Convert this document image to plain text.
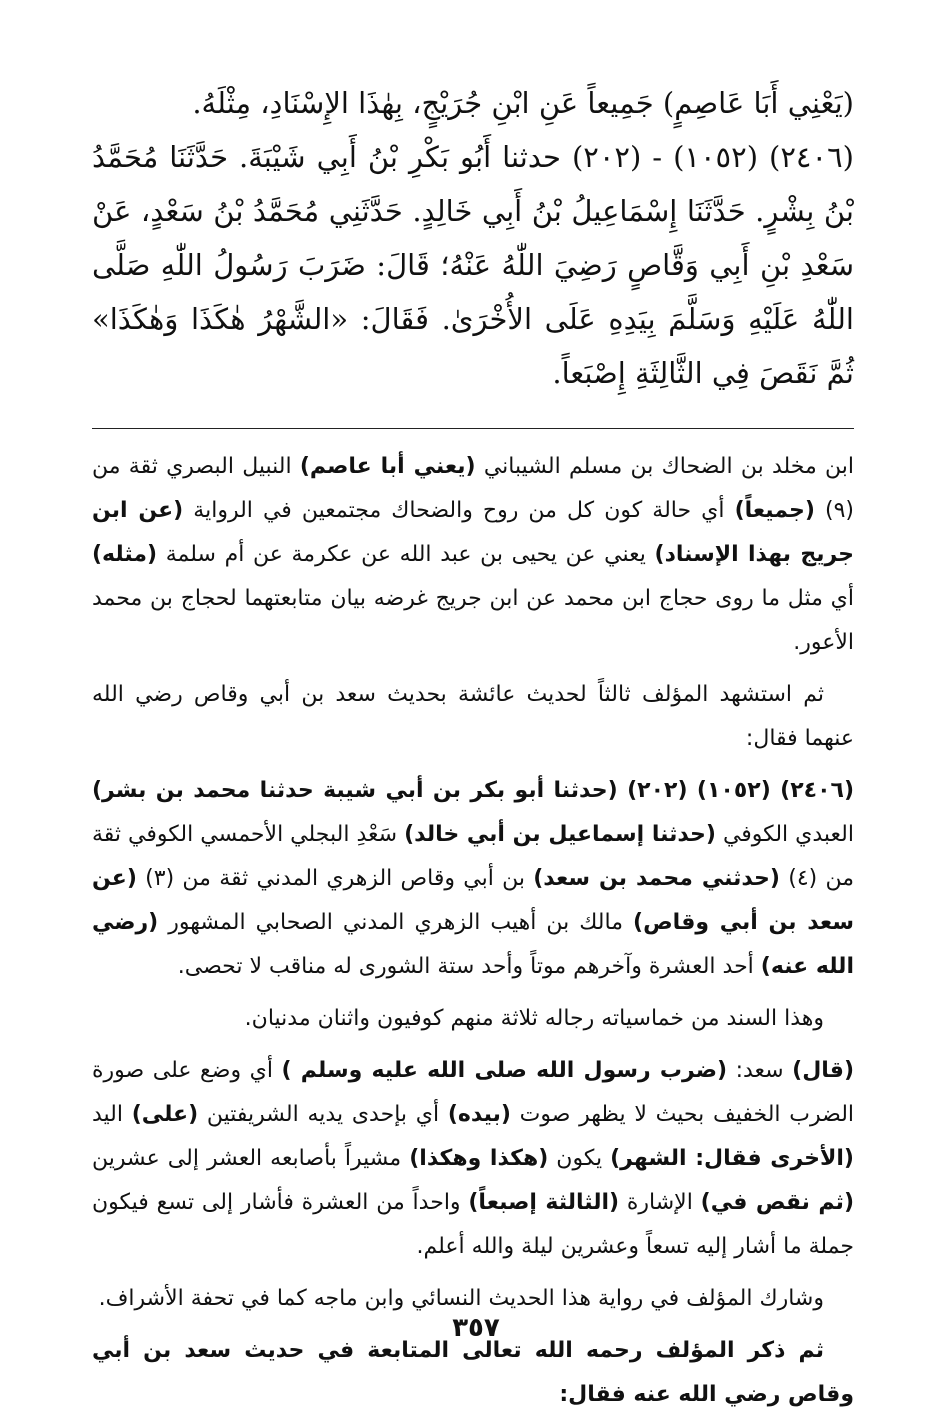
(يَعْنِي أَبَا عَاصِمٍ) جَمِيعاً عَنِ ابْنِ جُرَيْجٍ، بِهٰذَا الإِسْنَادِ، مِثْلَهُ.

(٢٤٠٦) (١٠٥٢) - (٢٠٢) حدثنا أَبُو بَكْرِ بْنُ أَبِي شَيْبَةَ. حَدَّثَنَا مُحَمَّدُ بْنُ بِشْرٍ. حَدَّثَنَا إِسْمَاعِيلُ بْنُ أَبِي خَالِدٍ. حَدَّثَنِي مُحَمَّدُ بْنُ سَعْدٍ، عَنْ سَعْدِ بْنِ أَبِي وَقَّاصٍ رَضِيَ اللّٰهُ عَنْهُ؛ قَالَ: ضَرَبَ رَسُولُ اللّٰهِ صَلَّى اللّٰهُ عَلَيْهِ وَسَلَّمَ بِيَدِهِ عَلَى الأُخْرَىٰ. فَقَالَ: «الشَّهْرُ هٰكَذَا وَهٰكَذَا» ثُمَّ نَقَصَ فِي الثَّالِثَةِ إِصْبَعاً.

ابن مخلد بن الضحاك بن مسلم الشيباني (يعني أبا عاصم) النبيل البصري ثقة من (٩) (جميعاً) أي حالة كون كل من روح والضحاك مجتمعين في الرواية (عن ابن جريج بهذا الإسناد) يعني عن يحيى بن عبد الله عن عكرمة عن أم سلمة (مثله) أي مثل ما روى حجاج ابن محمد عن ابن جريج غرضه بيان متابعتهما لحجاج بن محمد الأعور.

ثم استشهد المؤلف ثالثاً لحديث عائشة بحديث سعد بن أبي وقاص رضي الله عنهما فقال:

(٢٤٠٦) (١٠٥٢) (٢٠٢) (حدثنا أبو بكر بن أبي شيبة حدثنا محمد بن بشر) العبدي الكوفي (حدثنا إسماعيل بن أبي خالد) سَعْدِ البجلي الأحمسي الكوفي ثقة من (٤) (حدثني محمد بن سعد) بن أبي وقاص الزهري المدني ثقة من (٣) (عن سعد بن أبي وقاص) مالك بن أهيب الزهري المدني الصحابي المشهور (رضي الله عنه) أحد العشرة وآخرهم موتاً وأحد ستة الشورى له مناقب لا تحصى.

وهذا السند من خماسياته رجاله ثلاثة منهم كوفيون واثنان مدنيان.

(قال) سعد: (ضرب رسول الله صلى الله عليه وسلم ) أي وضع على صورة الضرب الخفيف بحيث لا يظهر صوت (بيده) أي بإحدى يديه الشريفتين (على) اليد (الأخرى فقال: الشهر) يكون (هكذا وهكذا) مشيراً بأصابعه العشر إلى عشرين (ثم نقص في) الإشارة (الثالثة إصبعاً) واحداً من العشرة فأشار إلى تسع فيكون جملة ما أشار إليه تسعاً وعشرين ليلة والله أعلم.

وشارك المؤلف في رواية هذا الحديث النسائي وابن ماجه كما في تحفة الأشراف.

ثم ذكر المؤلف رحمه الله تعالى المتابعة في حديث سعد بن أبي وقاص رضي الله عنه فقال:

٣٥٧
